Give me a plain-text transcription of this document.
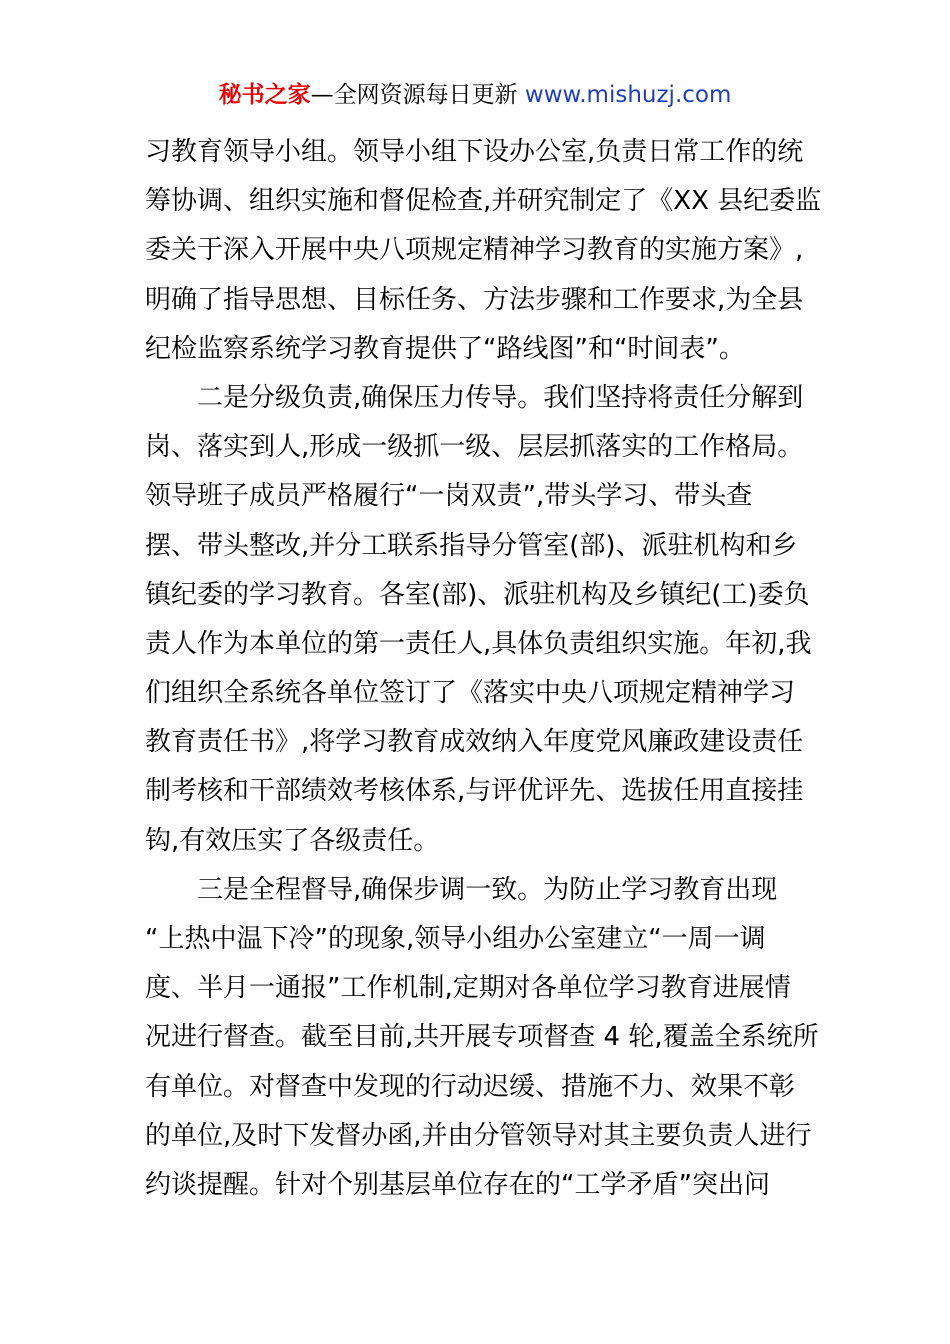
秘书之家—全网资源每日更新 www.mishuzj.com
习教育领导小组。领导小组下设办公室,负责日常工作的统
筹协调、组织实施和督促检查,并研究制定了《XX 县纪委监
委关于深入开展中央八项规定精神学习教育的实施方案》,
明确了指导思想、目标任务、方法步骤和工作要求,为全县
纪检监察系统学习教育提供了“路线图”和“时间表”。
二是分级负责,确保压力传导。我们坚持将责任分解到
岗、落实到人,形成一级抓一级、层层抓落实的工作格局。
领导班子成员严格履行“一岗双责”,带头学习、带头查
摆、带头整改,并分工联系指导分管室(部)、派驻机构和乡
镇纪委的学习教育。各室(部)、派驻机构及乡镇纪(工)委负
责人作为本单位的第一责任人,具体负责组织实施。年初,我
们组织全系统各单位签订了《落实中央八项规定精神学习
教育责任书》,将学习教育成效纳入年度党风廉政建设责任
制考核和干部绩效考核体系,与评优评先、选拔任用直接挂
钩,有效压实了各级责任。
三是全程督导,确保步调一致。为防止学习教育出现
“上热中温下冷”的现象,领导小组办公室建立“一周一调
度、半月一通报”工作机制,定期对各单位学习教育进展情
况进行督查。截至目前,共开展专项督查 4 轮,覆盖全系统所
有单位。对督查中发现的行动迟缓、措施不力、效果不彰
的单位,及时下发督办函,并由分管领导对其主要负责人进行
约谈提醒。针对个别基层单位存在的“工学矛盾”突出问
